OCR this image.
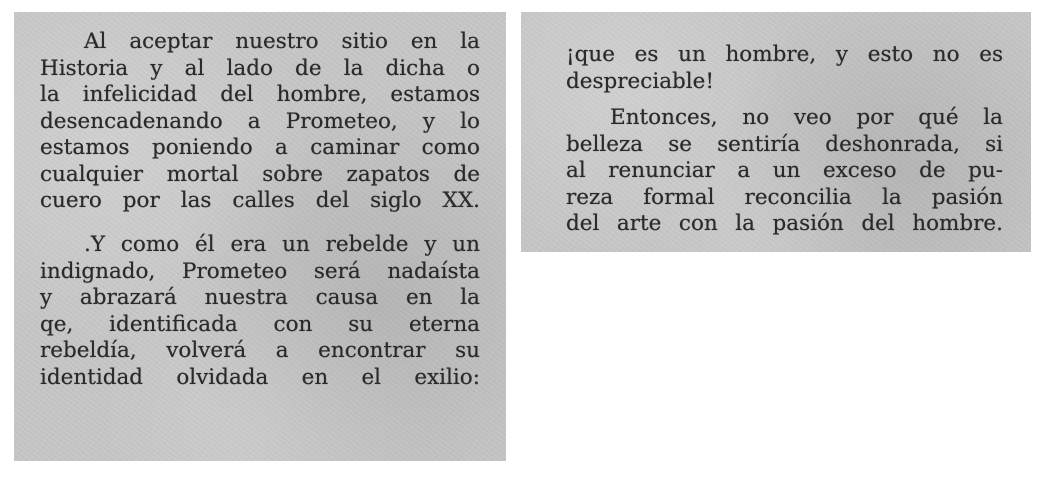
Al aceptar nuestro sitio en la
Historia y al lado de la dicha o
la infelicidad del hombre, estamos
desencadenando a Prometeo, y lo
estamos poniendo a caminar como
cualquier mortal sobre zapatos de
cuero por las calles del siglo XX.

.Y como él era un rebelde y un
indignado, Prometeo será nadaísta
y abrazará nuestra causa en la
qe, identificada con su eterna
rebeldía, volverá a encontrar su
identidad olvidada en el exilio:

¡que es un hombre, y esto no es
despreciable!

Entonces, no veo por qué la
belleza se sentiría deshonrada, si
al renunciar a un exceso de pu-
reza formal reconcilia la pasión
del arte con la pasión del hombre.
